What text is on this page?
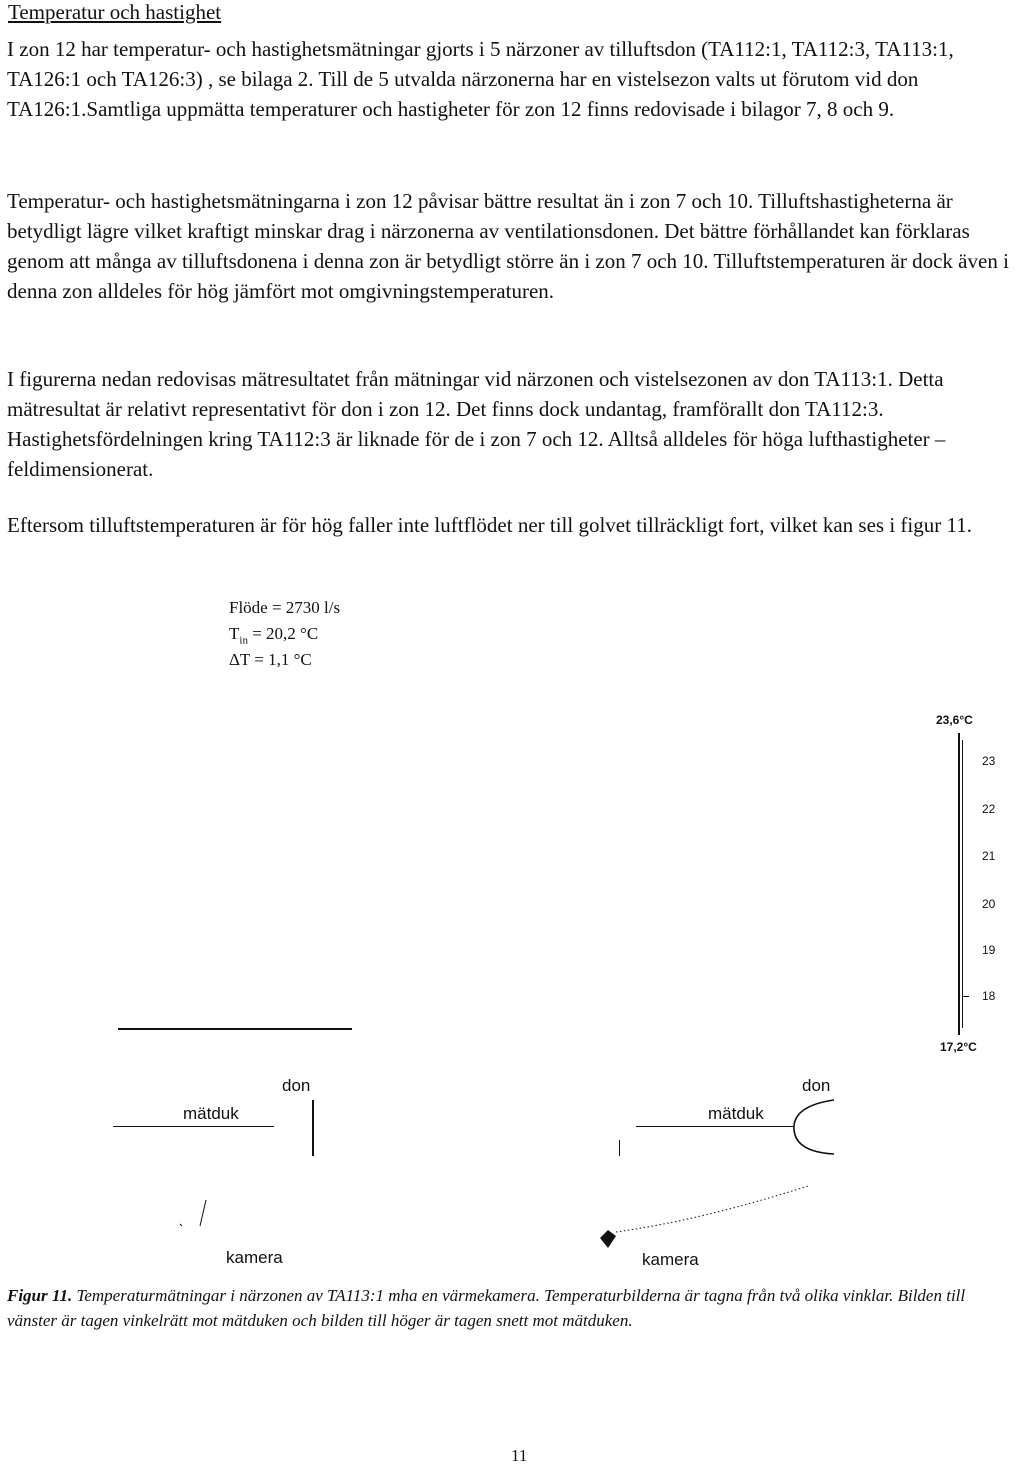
Temperatur och hastighet

I zon 12 har temperatur- och hastighetsmätningar gjorts i 5 närzoner av tilluftsdon (TA112:1, TA112:3, TA113:1, TA126:1 och TA126:3) , se bilaga 2. Till de 5 utvalda närzonerna har en vistelsezon valts ut förutom vid don TA126:1.Samtliga uppmätta temperaturer och hastigheter för zon 12 finns redovisade i bilagor 7, 8 och 9.

Temperatur- och hastighetsmätningarna i zon 12 påvisar bättre resultat än i zon 7 och 10. Tilluftshastigheterna är betydligt lägre vilket kraftigt minskar drag i närzonerna av ventilationsdonen. Det bättre förhållandet kan förklaras genom att många av tilluftsdonena i denna zon är betydligt större än i zon 7 och 10. Tilluftstemperaturen är dock även i denna zon alldeles för hög jämfört mot omgivningstemperaturen.

I figurerna nedan redovisas mätresultatet från mätningar vid närzonen och vistelsezonen av don TA113:1. Detta mätresultat är relativt representativt för don i zon 12. Det finns dock undantag, framförallt don TA112:3. Hastighetsfördelningen kring TA112:3 är liknade för de i zon 7 och 12. Alltså alldeles för höga lufthastigheter – feldimensionerat.

Eftersom tilluftstemperaturen är för hög faller inte luftflödet ner till golvet tillräckligt fort, vilket kan ses i figur 11.

Flöde = 2730 l/s
$T_{in} = 20,2$ °C
ΔT = 1,1 °C
23,6°C
23
22
21
20
19
18
17,2°C
don
mätduk
kamera
don
mätduk
kamera

Figur 11. Temperaturmätningar i närzonen av TA113:1 mha en värmekamera. Temperaturbilderna är tagna från två olika vinklar. Bilden till vänster är tagen vinkelrätt mot mätduken och bilden till höger är tagen snett mot mätduken.

11
